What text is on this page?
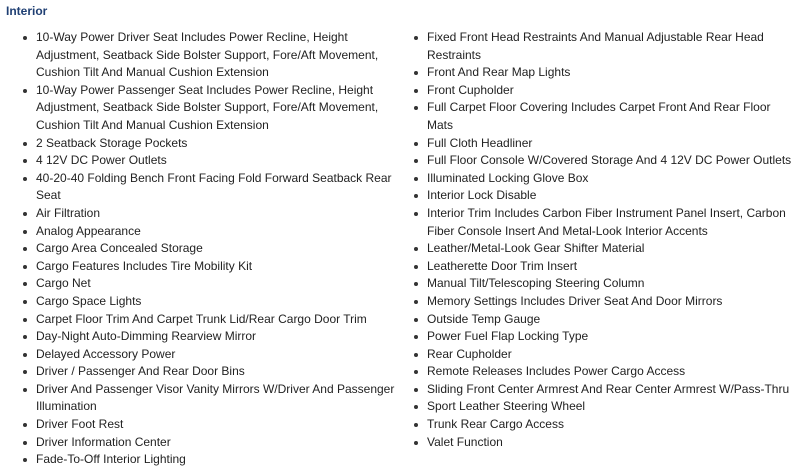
Interior
10-Way Power Driver Seat Includes Power Recline, Height Adjustment, Seatback Side Bolster Support, Fore/Aft Movement, Cushion Tilt And Manual Cushion Extension
10-Way Power Passenger Seat Includes Power Recline, Height Adjustment, Seatback Side Bolster Support, Fore/Aft Movement, Cushion Tilt And Manual Cushion Extension
2 Seatback Storage Pockets
4 12V DC Power Outlets
40-20-40 Folding Bench Front Facing Fold Forward Seatback Rear Seat
Air Filtration
Analog Appearance
Cargo Area Concealed Storage
Cargo Features Includes Tire Mobility Kit
Cargo Net
Cargo Space Lights
Carpet Floor Trim And Carpet Trunk Lid/Rear Cargo Door Trim
Day-Night Auto-Dimming Rearview Mirror
Delayed Accessory Power
Driver / Passenger And Rear Door Bins
Driver And Passenger Visor Vanity Mirrors W/Driver And Passenger Illumination
Driver Foot Rest
Driver Information Center
Fade-To-Off Interior Lighting
Fixed Front Head Restraints And Manual Adjustable Rear Head Restraints
Front And Rear Map Lights
Front Cupholder
Full Carpet Floor Covering Includes Carpet Front And Rear Floor Mats
Full Cloth Headliner
Full Floor Console W/Covered Storage And 4 12V DC Power Outlets
Illuminated Locking Glove Box
Interior Lock Disable
Interior Trim Includes Carbon Fiber Instrument Panel Insert, Carbon Fiber Console Insert And Metal-Look Interior Accents
Leather/Metal-Look Gear Shifter Material
Leatherette Door Trim Insert
Manual Tilt/Telescoping Steering Column
Memory Settings Includes Driver Seat And Door Mirrors
Outside Temp Gauge
Power Fuel Flap Locking Type
Rear Cupholder
Remote Releases Includes Power Cargo Access
Sliding Front Center Armrest And Rear Center Armrest W/Pass-Thru
Sport Leather Steering Wheel
Trunk Rear Cargo Access
Valet Function
